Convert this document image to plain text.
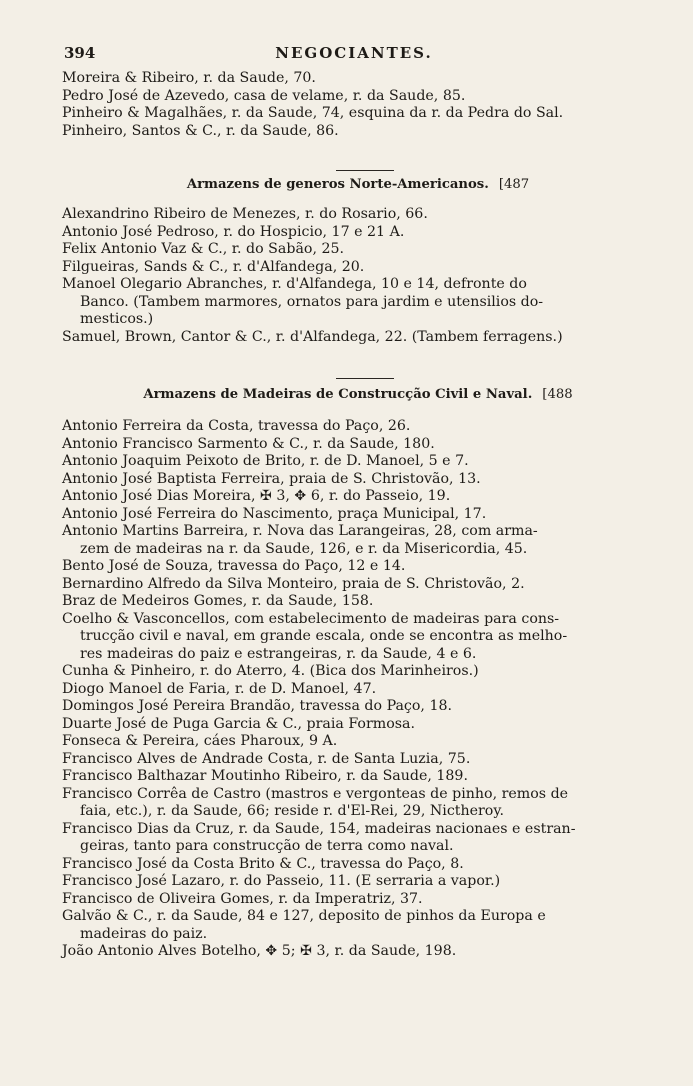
394	NEGOCIANTES.
Moreira & Ribeiro, r. da Saude, 70.
Pedro José de Azevedo, casa de velame, r. da Saude, 85.
Pinheiro & Magalhães, r. da Saude, 74, esquina da r. da Pedra do Sal.
Pinheiro, Santos & C., r. da Saude, 86.
Armazens de generos Norte-Americanos. [487
Alexandrino Ribeiro de Menezes, r. do Rosario, 66.
Antonio José Pedroso, r. do Hospicio, 17 e 21 A.
Felix Antonio Vaz & C., r. do Sabão, 25.
Filgueiras, Sands & C., r. d'Alfandega, 20.
Manoel Olegario Abranches, r. d'Alfandega, 10 e 14, defronte do
Banco. (Tambem marmores, ornatos para jardim e utensilios do-
mesticos.)
Samuel, Brown, Cantor & C., r. d'Alfandega, 22. (Tambem ferragens.)
Armazens de Madeiras de Construcção Civil e Naval. [488
Antonio Ferreira da Costa, travessa do Paço, 26.
Antonio Francisco Sarmento & C., r. da Saude, 180.
Antonio Joaquim Peixoto de Brito, r. de D. Manoel, 5 e 7.
Antonio José Baptista Ferreira, praia de S. Christovão, 13.
Antonio José Dias Moreira, ✠ 3, ✥ 6, r. do Passeio, 19.
Antonio José Ferreira do Nascimento, praça Municipal, 17.
Antonio Martins Barreira, r. Nova das Larangeiras, 28, com arma-
zem de madeiras na r. da Saude, 126, e r. da Misericordia, 45.
Bento José de Souza, travessa do Paço, 12 e 14.
Bernardino Alfredo da Silva Monteiro, praia de S. Christovão, 2.
Braz de Medeiros Gomes, r. da Saude, 158.
Coelho & Vasconcellos, com estabelecimento de madeiras para cons-
trucção civil e naval, em grande escala, onde se encontra as melho-
res madeiras do paiz e estrangeiras, r. da Saude, 4 e 6.
Cunha & Pinheiro, r. do Aterro, 4. (Bica dos Marinheiros.)
Diogo Manoel de Faria, r. de D. Manoel, 47.
Domingos José Pereira Brandão, travessa do Paço, 18.
Duarte José de Puga Garcia & C., praia Formosa.
Fonseca & Pereira, cáes Pharoux, 9 A.
Francisco Alves de Andrade Costa, r. de Santa Luzia, 75.
Francisco Balthazar Moutinho Ribeiro, r. da Saude, 189.
Francisco Corrêa de Castro (mastros e vergonteas de pinho, remos de
faia, etc.), r. da Saude, 66; reside r. d'El-Rei, 29, Nictheroy.
Francisco Dias da Cruz, r. da Saude, 154, madeiras nacionaes e estran-
geiras, tanto para construcção de terra como naval.
Francisco José da Costa Brito & C., travessa do Paço, 8.
Francisco José Lazaro, r. do Passeio, 11. (E serraria a vapor.)
Francisco de Oliveira Gomes, r. da Imperatriz, 37.
Galvão & C., r. da Saude, 84 e 127, deposito de pinhos da Europa e
madeiras do paiz.
João Antonio Alves Botelho, ✥ 5; ✠ 3, r. da Saude, 198.
